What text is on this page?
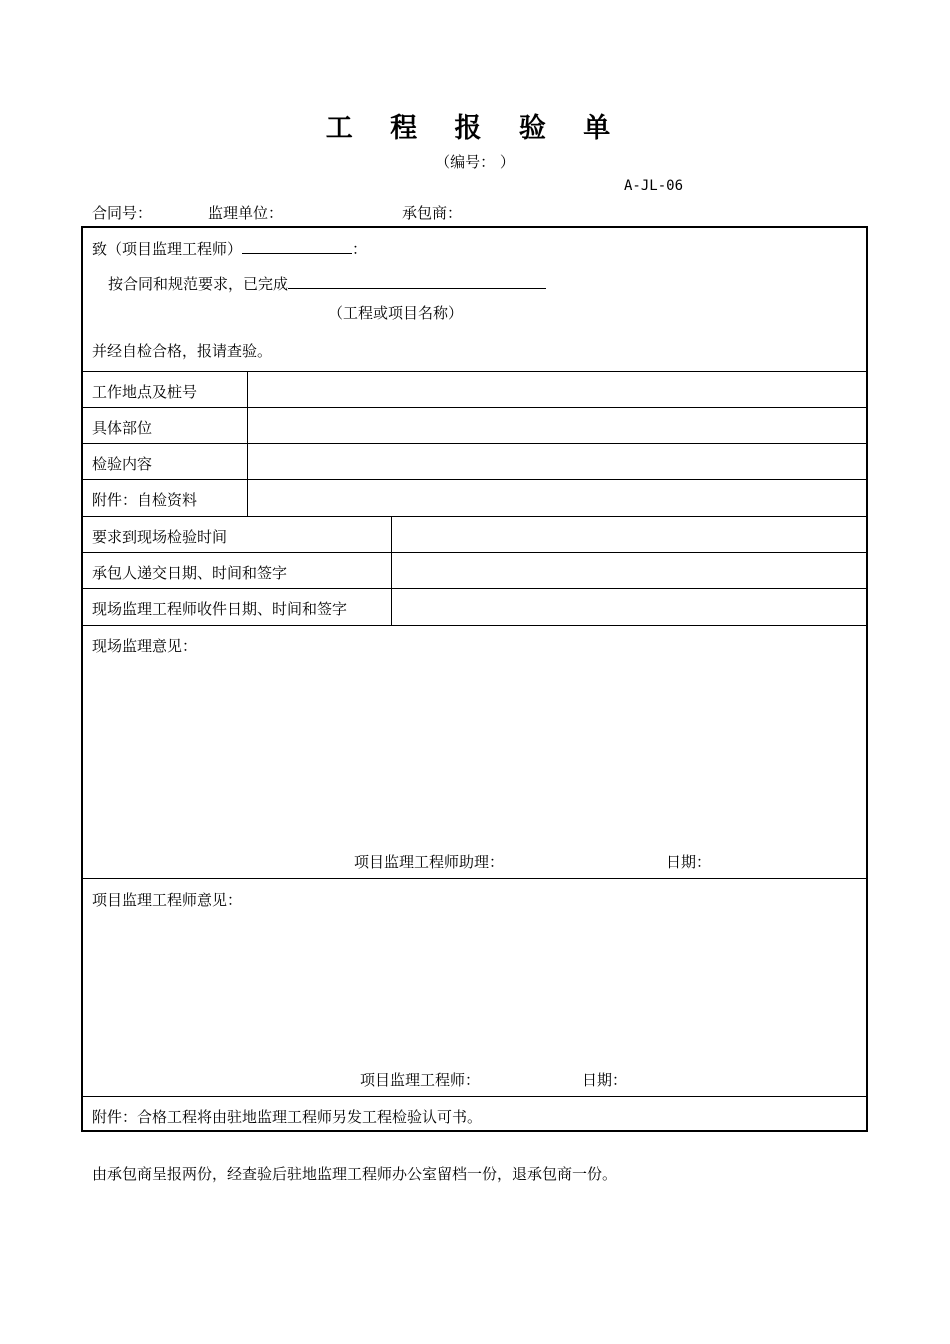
工 程 报 验 单
（编号： ）
A-JL-06
合同号：	监理单位：	承包商：
致（项目监理工程师）	：
按合同和规范要求，已完成
（工程或项目名称）
并经自检合格，报请查验。
工作地点及桩号
具体部位
检验内容
附件：自检资料
要求到现场检验时间
承包人递交日期、时间和签字
现场监理工程师收件日期、时间和签字
现场监理意见：
项目监理工程师助理：	日期：
项目监理工程师意见：
项目监理工程师：	日期：
附件：合格工程将由驻地监理工程师另发工程检验认可书。
由承包商呈报两份，经查验后驻地监理工程师办公室留档一份，退承包商一份。
